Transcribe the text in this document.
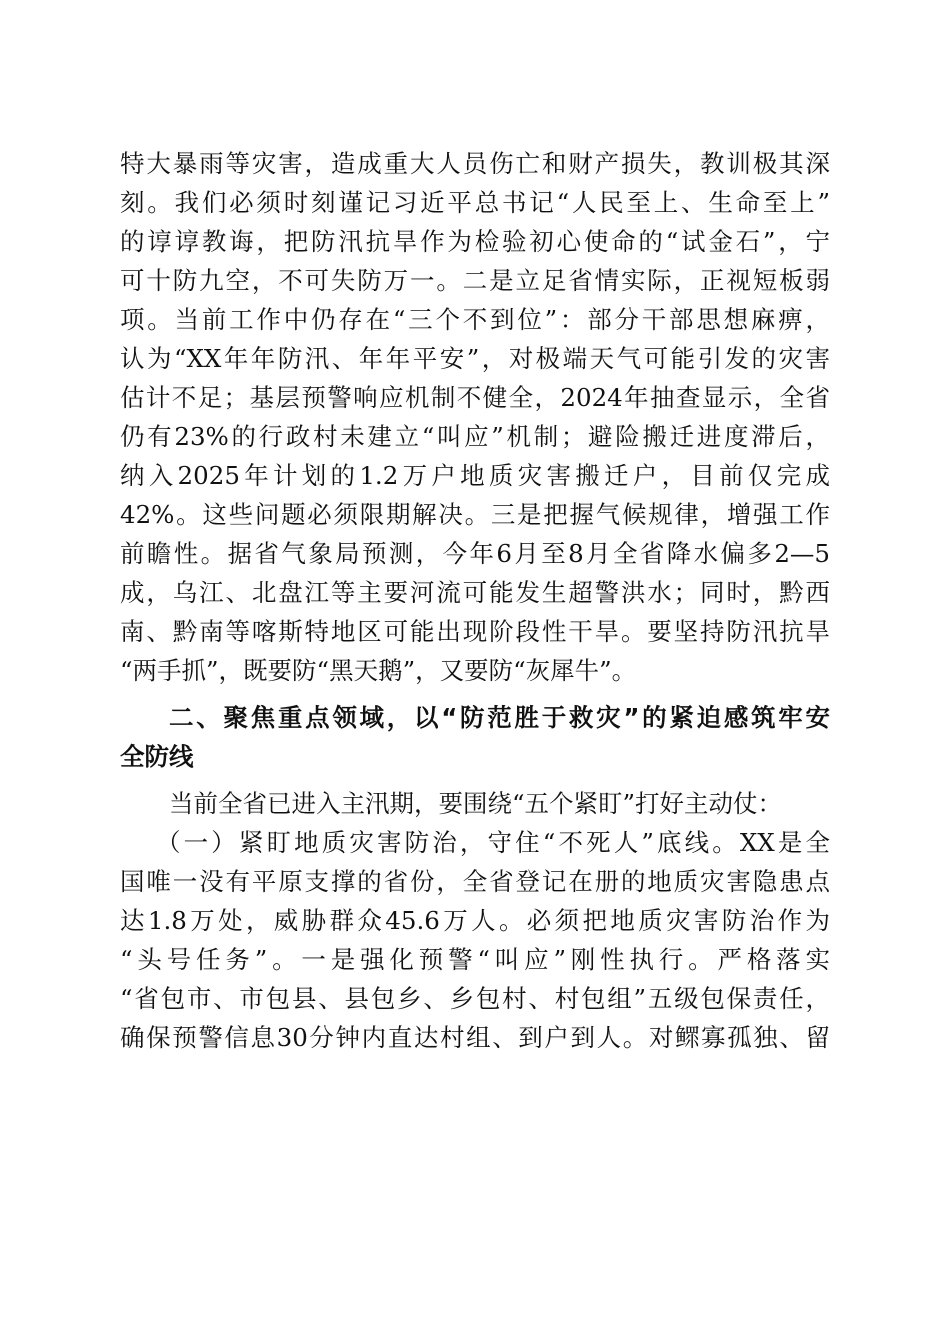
特大暴雨等灾害，造成重大人员伤亡和财产损失，教训极其深
刻。我们必须时刻谨记习近平总书记“人民至上、生命至上”
的谆谆教诲，把防汛抗旱作为检验初心使命的“试金石”，宁
可十防九空，不可失防万一。二是立足省情实际，正视短板弱
项。当前工作中仍存在“三个不到位”：部分干部思想麻痹，
认为“XX年年防汛、年年平安”，对极端天气可能引发的灾害
估计不足；基层预警响应机制不健全，2024年抽查显示，全省
仍有23%的行政村未建立“叫应”机制；避险搬迁进度滞后，
纳入2025年计划的1.2万户地质灾害搬迁户，目前仅完成
42%。这些问题必须限期解决。三是把握气候规律，增强工作
前瞻性。据省气象局预测，今年6月至8月全省降水偏多2—5
成，乌江、北盘江等主要河流可能发生超警洪水；同时，黔西
南、黔南等喀斯特地区可能出现阶段性干旱。要坚持防汛抗旱
“两手抓”，既要防“黑天鹅”，又要防“灰犀牛”。
二、聚焦重点领域，以“防范胜于救灾”的紧迫感筑牢安
全防线
当前全省已进入主汛期，要围绕“五个紧盯”打好主动仗：
（一）紧盯地质灾害防治，守住“不死人”底线。XX是全
国唯一没有平原支撑的省份，全省登记在册的地质灾害隐患点
达1.8万处，威胁群众45.6万人。必须把地质灾害防治作为
“头号任务”。一是强化预警“叫应”刚性执行。严格落实
“省包市、市包县、县包乡、乡包村、村包组”五级包保责任，
确保预警信息30分钟内直达村组、到户到人。对鳏寡孤独、留
